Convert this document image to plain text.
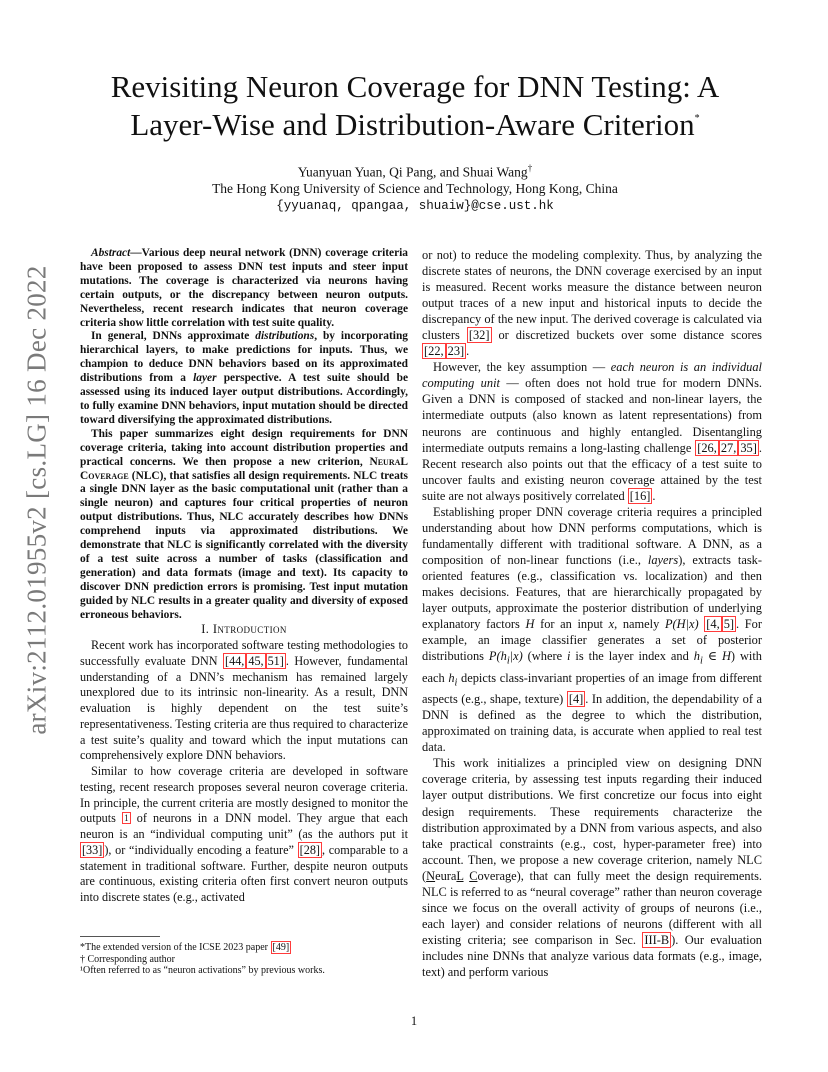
arXiv:2112.01955v2 [cs.LG] 16 Dec 2022
Revisiting Neuron Coverage for DNN Testing: A
Layer-Wise and Distribution-Aware Criterion*
Yuanyuan Yuan, Qi Pang, and Shuai Wang†
The Hong Kong University of Science and Technology, Hong Kong, China
{yyuanaq, qpangaa, shuaiw}@cse.ust.hk

Abstract—Various deep neural network (DNN) coverage criteria have been proposed to assess DNN test inputs and steer input mutations. The coverage is characterized via neurons having certain outputs, or the discrepancy between neuron outputs. Nevertheless, recent research indicates that neuron coverage criteria show little correlation with test suite quality.

In general, DNNs approximate distributions, by incorporating hierarchical layers, to make predictions for inputs. Thus, we champion to deduce DNN behaviors based on its approximated distributions from a layer perspective. A test suite should be assessed using its induced layer output distributions. Accordingly, to fully examine DNN behaviors, input mutation should be directed toward diversifying the approximated distributions.

This paper summarizes eight design requirements for DNN coverage criteria, taking into account distribution properties and practical concerns. We then propose a new criterion, NeuraL Coverage (NLC), that satisfies all design requirements. NLC treats a single DNN layer as the basic computational unit (rather than a single neuron) and captures four critical properties of neuron output distributions. Thus, NLC accurately describes how DNNs comprehend inputs via approximated distributions. We demonstrate that NLC is significantly correlated with the diversity of a test suite across a number of tasks (classification and generation) and data formats (image and text). Its capacity to discover DNN prediction errors is promising. Test input mutation guided by NLC results in a greater quality and diversity of exposed erroneous behaviors.

I. Introduction

Recent work has incorporated software testing methodologies to successfully evaluate DNN [44, 45, 51] . However, fundamental understanding of a DNN’s mechanism has remained largely unexplored due to its intrinsic non-linearity. As a result, DNN evaluation is highly dependent on the test suite’s representativeness. Testing criteria are thus required to characterize a test suite’s quality and toward which the input mutations can comprehensively explore DNN behaviors.

Similar to how coverage criteria are developed in software testing, recent research proposes several neuron coverage criteria. In principle, the current criteria are mostly designed to monitor the outputs $^1$ of neurons in a DNN model. They argue that each neuron is an “individual computing unit” (as the authors put it [33] ), or “individually encoding a feature” [28] , comparable to a statement in traditional software. Further, despite neuron outputs are continuous, existing criteria often first convert neuron outputs into discrete states (e.g., activated

*The extended version of the ICSE 2023 paper [49]
† Corresponding author
¹Often referred to as “neuron activations” by previous works.

or not) to reduce the modeling complexity. Thus, by analyzing the discrete states of neurons, the DNN coverage exercised by an input is measured. Recent works measure the distance between neuron output traces of a new input and historical inputs to decide the discrepancy of the new input. The derived coverage is calculated via clusters [32] or discretized buckets over some distance scores [22, 23] .

However, the key assumption — each neuron is an individual computing unit — often does not hold true for modern DNNs. Given a DNN is composed of stacked and non-linear layers, the intermediate outputs (also known as latent representations) from neurons are continuous and highly entangled. Disentangling intermediate outputs remains a long-lasting challenge [26, 27, 35] . Recent research also points out that the efficacy of a test suite to uncover faults and existing neuron coverage attained by the test suite are not always positively correlated [16] .

Establishing proper DNN coverage criteria requires a principled understanding about how DNN performs computations, which is fundamentally different with traditional software. A DNN, as a composition of non-linear functions (i.e., layers), extracts task-oriented features (e.g., classification vs. localization) and then makes decisions. Features, that are hierarchically propagated by layer outputs, approximate the posterior distribution of underlying explanatory factors H for an input x, namely P(H|x) [4, 5] . For example, an image classifier generates a set of posterior distributions $P(h_i|x)$ (where i is the layer index and $h_i$ ∈ H) with each $h_i$ depicts class-invariant properties of an image from different aspects (e.g., shape, texture) [4] . In addition, the dependability of a DNN is defined as the degree to which the distribution, approximated on training data, is accurate when applied to real test data.

This work initializes a principled view on designing DNN coverage criteria, by assessing test inputs regarding their induced layer output distributions. We first concretize our focus into eight design requirements. These requirements characterize the distribution approximated by a DNN from various aspects, and also take practical constraints (e.g., cost, hyper-parameter free) into account. Then, we propose a new coverage criterion, namely NLC (NeuraL Coverage), that can fully meet the design requirements. NLC is referred to as “neural coverage” rather than neuron coverage since we focus on the overall activity of groups of neurons (i.e., each layer) and consider relations of neurons (different with all existing criteria; see comparison in Sec. III-B ). Our evaluation includes nine DNNs that analyze various data formats (e.g., image, text) and perform various

1
